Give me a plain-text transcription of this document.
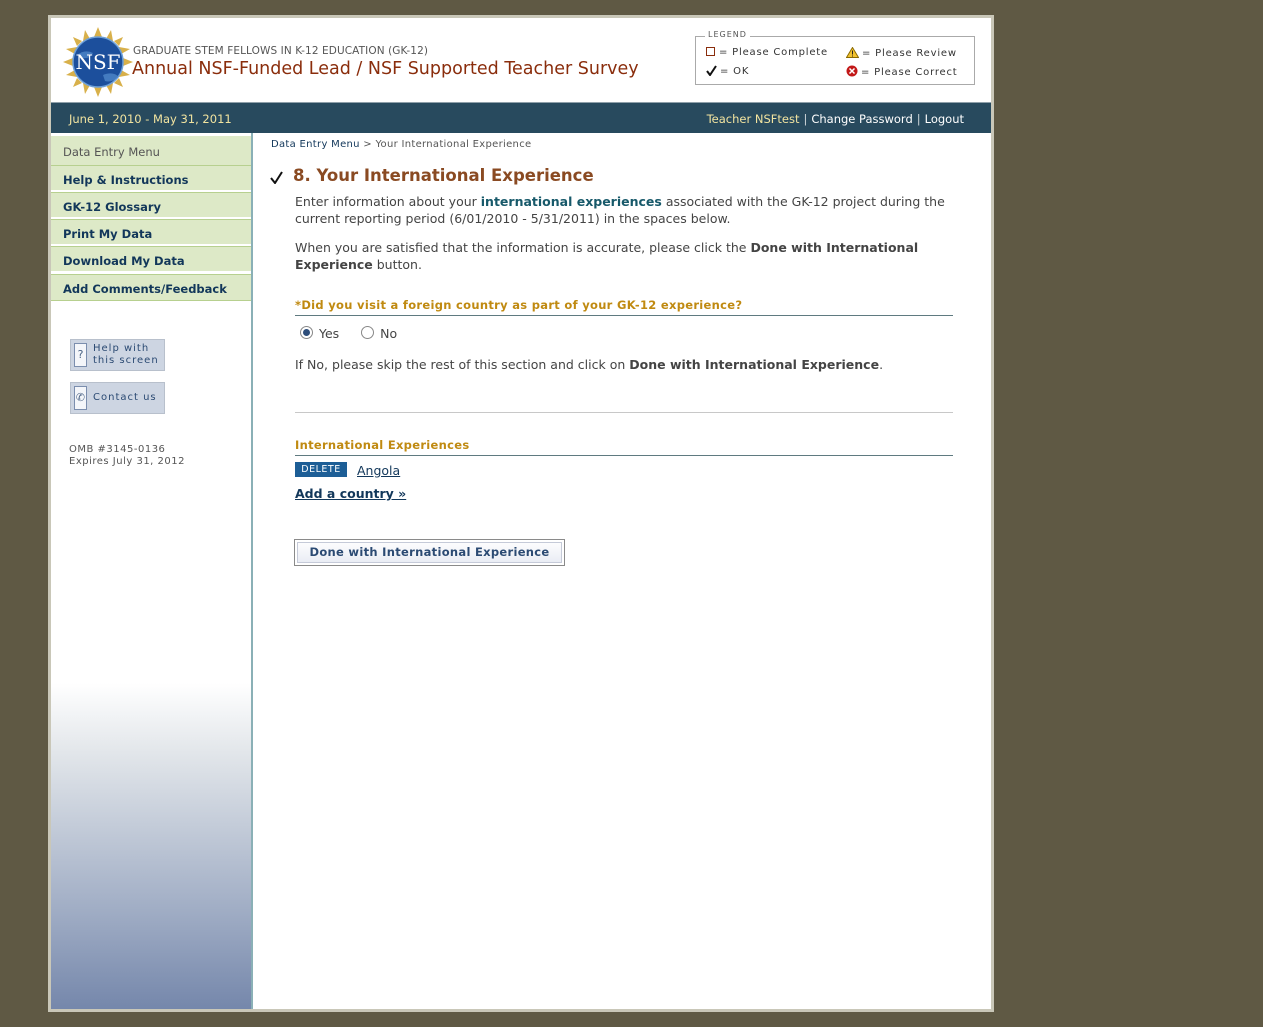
NSF GRADUATE STEM FELLOWS IN K-12 EDUCATION (GK-12)
Annual NSF-Funded Lead / NSF Supported Teacher Survey
LEGEND
= Please Complete	= Please Review
= OK	= Please Correct
June 1, 2010 - May 31, 2011	Teacher NSFtest | Change Password | Logout
Data Entry Menu
Help & Instructions
GK-12 Glossary
Print My Data
Download My Data
Add Comments/Feedback
? Help with
this screen
✆ Contact us
OMB #3145-0136
Expires July 31, 2012
Data Entry Menu > Your International Experience
8. Your International Experience
Enter information about your international experiences associated with the GK-12 project during the current reporting period (6/01/2010 - 5/31/2011) in the spaces below.
When you are satisfied that the information is accurate, please click the Done with International Experience button.
*Did you visit a foreign country as part of your GK-12 experience?
Yes	No
If No, please skip the rest of this section and click on Done with International Experience.
International Experiences
DELETE	Angola
Add a country »
Done with International Experience
